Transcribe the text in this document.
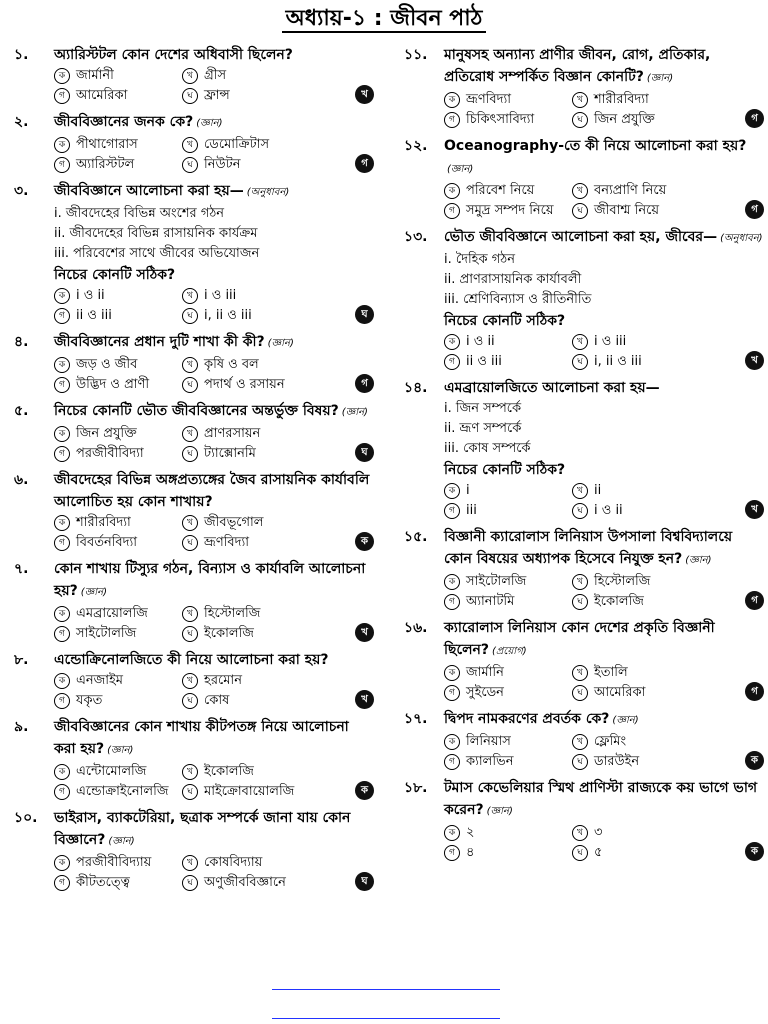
অধ্যায়-১ : জীবন পাঠ
১.	অ্যারিস্টটল কোন দেশের অধিবাসী ছিলেন?
ক জার্মানী	খ গ্রীস
গ আমেরিকা	ঘ ফ্রান্স	খ
২.	জীববিজ্ঞানের জনক কে? (জ্ঞান)
ক পীথাগোরাস	খ ডেমোক্রিটাস
গ অ্যারিস্টটল	ঘ নিউটন	গ
৩.	জীববিজ্ঞানে আলোচনা করা হয়— (অনুধাবন)
i. জীবদেহের বিভিন্ন অংশের গঠন
ii. জীবদেহের বিভিন্ন রাসায়নিক কার্যক্রম
iii. পরিবেশের সাথে জীবের অভিযোজন
নিচের কোনটি সঠিক?
ক i ও ii	খ i ও iii
গ ii ও iii	ঘ i, ii ও iii	ঘ
৪.	জীববিজ্ঞানের প্রধান দুটি শাখা কী কী? (জ্ঞান)
ক জড় ও জীব	খ কৃষি ও বল
গ উদ্ভিদ ও প্রাণী	ঘ পদার্থ ও রসায়ন	গ
৫.	নিচের কোনটি ভৌত জীববিজ্ঞানের অন্তর্ভুক্ত বিষয়? (জ্ঞান)
ক জিন প্রযুক্তি	খ প্রাণরসায়ন
গ পরজীবীবিদ্যা	ঘ ট্যাক্সোনমি	ঘ
৬.	জীবদেহের বিভিন্ন অঙ্গপ্রত্যঙ্গের জৈব রাসায়নিক কার্যাবলি আলোচিত হয় কোন শাখায়?
ক শারীরবিদ্যা	খ জীবভূগোল
গ বিবর্তনবিদ্যা	ঘ ভ্রূণবিদ্যা	ক
৭.	কোন শাখায় টিস্যুর গঠন, বিন্যাস ও কার্যাবলি আলোচনা হয়? (জ্ঞান)
ক এমব্রায়োলজি	খ হিস্টোলজি
গ সাইটোলজি	ঘ ইকোলজি	খ
৮.	এন্ডোক্রিনোলজিতে কী নিয়ে আলোচনা করা হয়?
ক এনজাইম	খ হরমোন
গ যকৃত	ঘ কোষ	খ
৯.	জীববিজ্ঞানের কোন শাখায় কীটপতঙ্গ নিয়ে আলোচনা করা হয়? (জ্ঞান)
ক এন্টোমোলজি	খ ইকোলজি
গ এন্ডোক্রাইনোলজি	ঘ মাইক্রোবায়োলজি	ক
১০.	ভাইরাস, ব্যাকটেরিয়া, ছত্রাক সম্পর্কে জানা যায় কোন বিজ্ঞানে? (জ্ঞান)
ক পরজীবীবিদ্যায়	খ কোষবিদ্যায়
গ কীটতত্ত্বে	ঘ অণুজীববিজ্ঞানে	ঘ
১১.	মানুষসহ অন্যান্য প্রাণীর জীবন, রোগ, প্রতিকার, প্রতিরোধ সম্পর্কিত বিজ্ঞান কোনটি? (জ্ঞান)
ক ভ্রূণবিদ্যা	খ শারীরবিদ্যা
গ চিকিৎসাবিদ্যা	ঘ জিন প্রযুক্তি	গ
১২.	Oceanography-তে কী নিয়ে আলোচনা করা হয়?(জ্ঞান)
ক পরিবেশ নিয়ে	খ বন্যপ্রাণি নিয়ে
গ সমুদ্র সম্পদ নিয়ে	ঘ জীবাশ্ম নিয়ে	গ
১৩.	ভৌত জীববিজ্ঞানে আলোচনা করা হয়, জীবের— (অনুধাবন)
i. দৈহিক গঠন
ii. প্রাণরাসায়নিক কার্যাবলী
iii. শ্রেণিবিন্যাস ও রীতিনীতি
নিচের কোনটি সঠিক?
ক i ও ii	খ i ও iii
গ ii ও iii	ঘ i, ii ও iii	খ
১৪.	এমব্রায়োলজিতে আলোচনা করা হয়—
i. জিন সম্পর্কে
ii. ভ্রূণ সম্পর্কে
iii. কোষ সম্পর্কে
নিচের কোনটি সঠিক?
ক i	খ ii
গ iii	ঘ i ও ii	খ
১৫.	বিজ্ঞানী ক্যারোলাস লিনিয়াস উপসালা বিশ্ববিদ্যালয়ে কোন বিষয়ের অধ্যাপক হিসেবে নিযুক্ত হন? (জ্ঞান)
ক সাইটোলজি	খ হিস্টোলজি
গ অ্যানাটমি	ঘ ইকোলজি	গ
১৬.	ক্যারোলাস লিনিয়াস কোন দেশের প্রকৃতি বিজ্ঞানী ছিলেন? (প্রয়োগ)
ক জার্মানি	খ ইতালি
গ সুইডেন	ঘ আমেরিকা	গ
১৭.	দ্বিপদ নামকরণের প্রবর্তক কে? (জ্ঞান)
ক লিনিয়াস	খ ফ্লেমিং
গ ক্যালভিন	ঘ ডারউইন	ক
১৮.	টমাস কেভেলিয়ার স্মিথ প্রাণিস্টা রাজ্যকে কয় ভাগে ভাগ করেন? (জ্ঞান)
ক ২	খ ৩
গ ৪	ঘ ৫	ক
